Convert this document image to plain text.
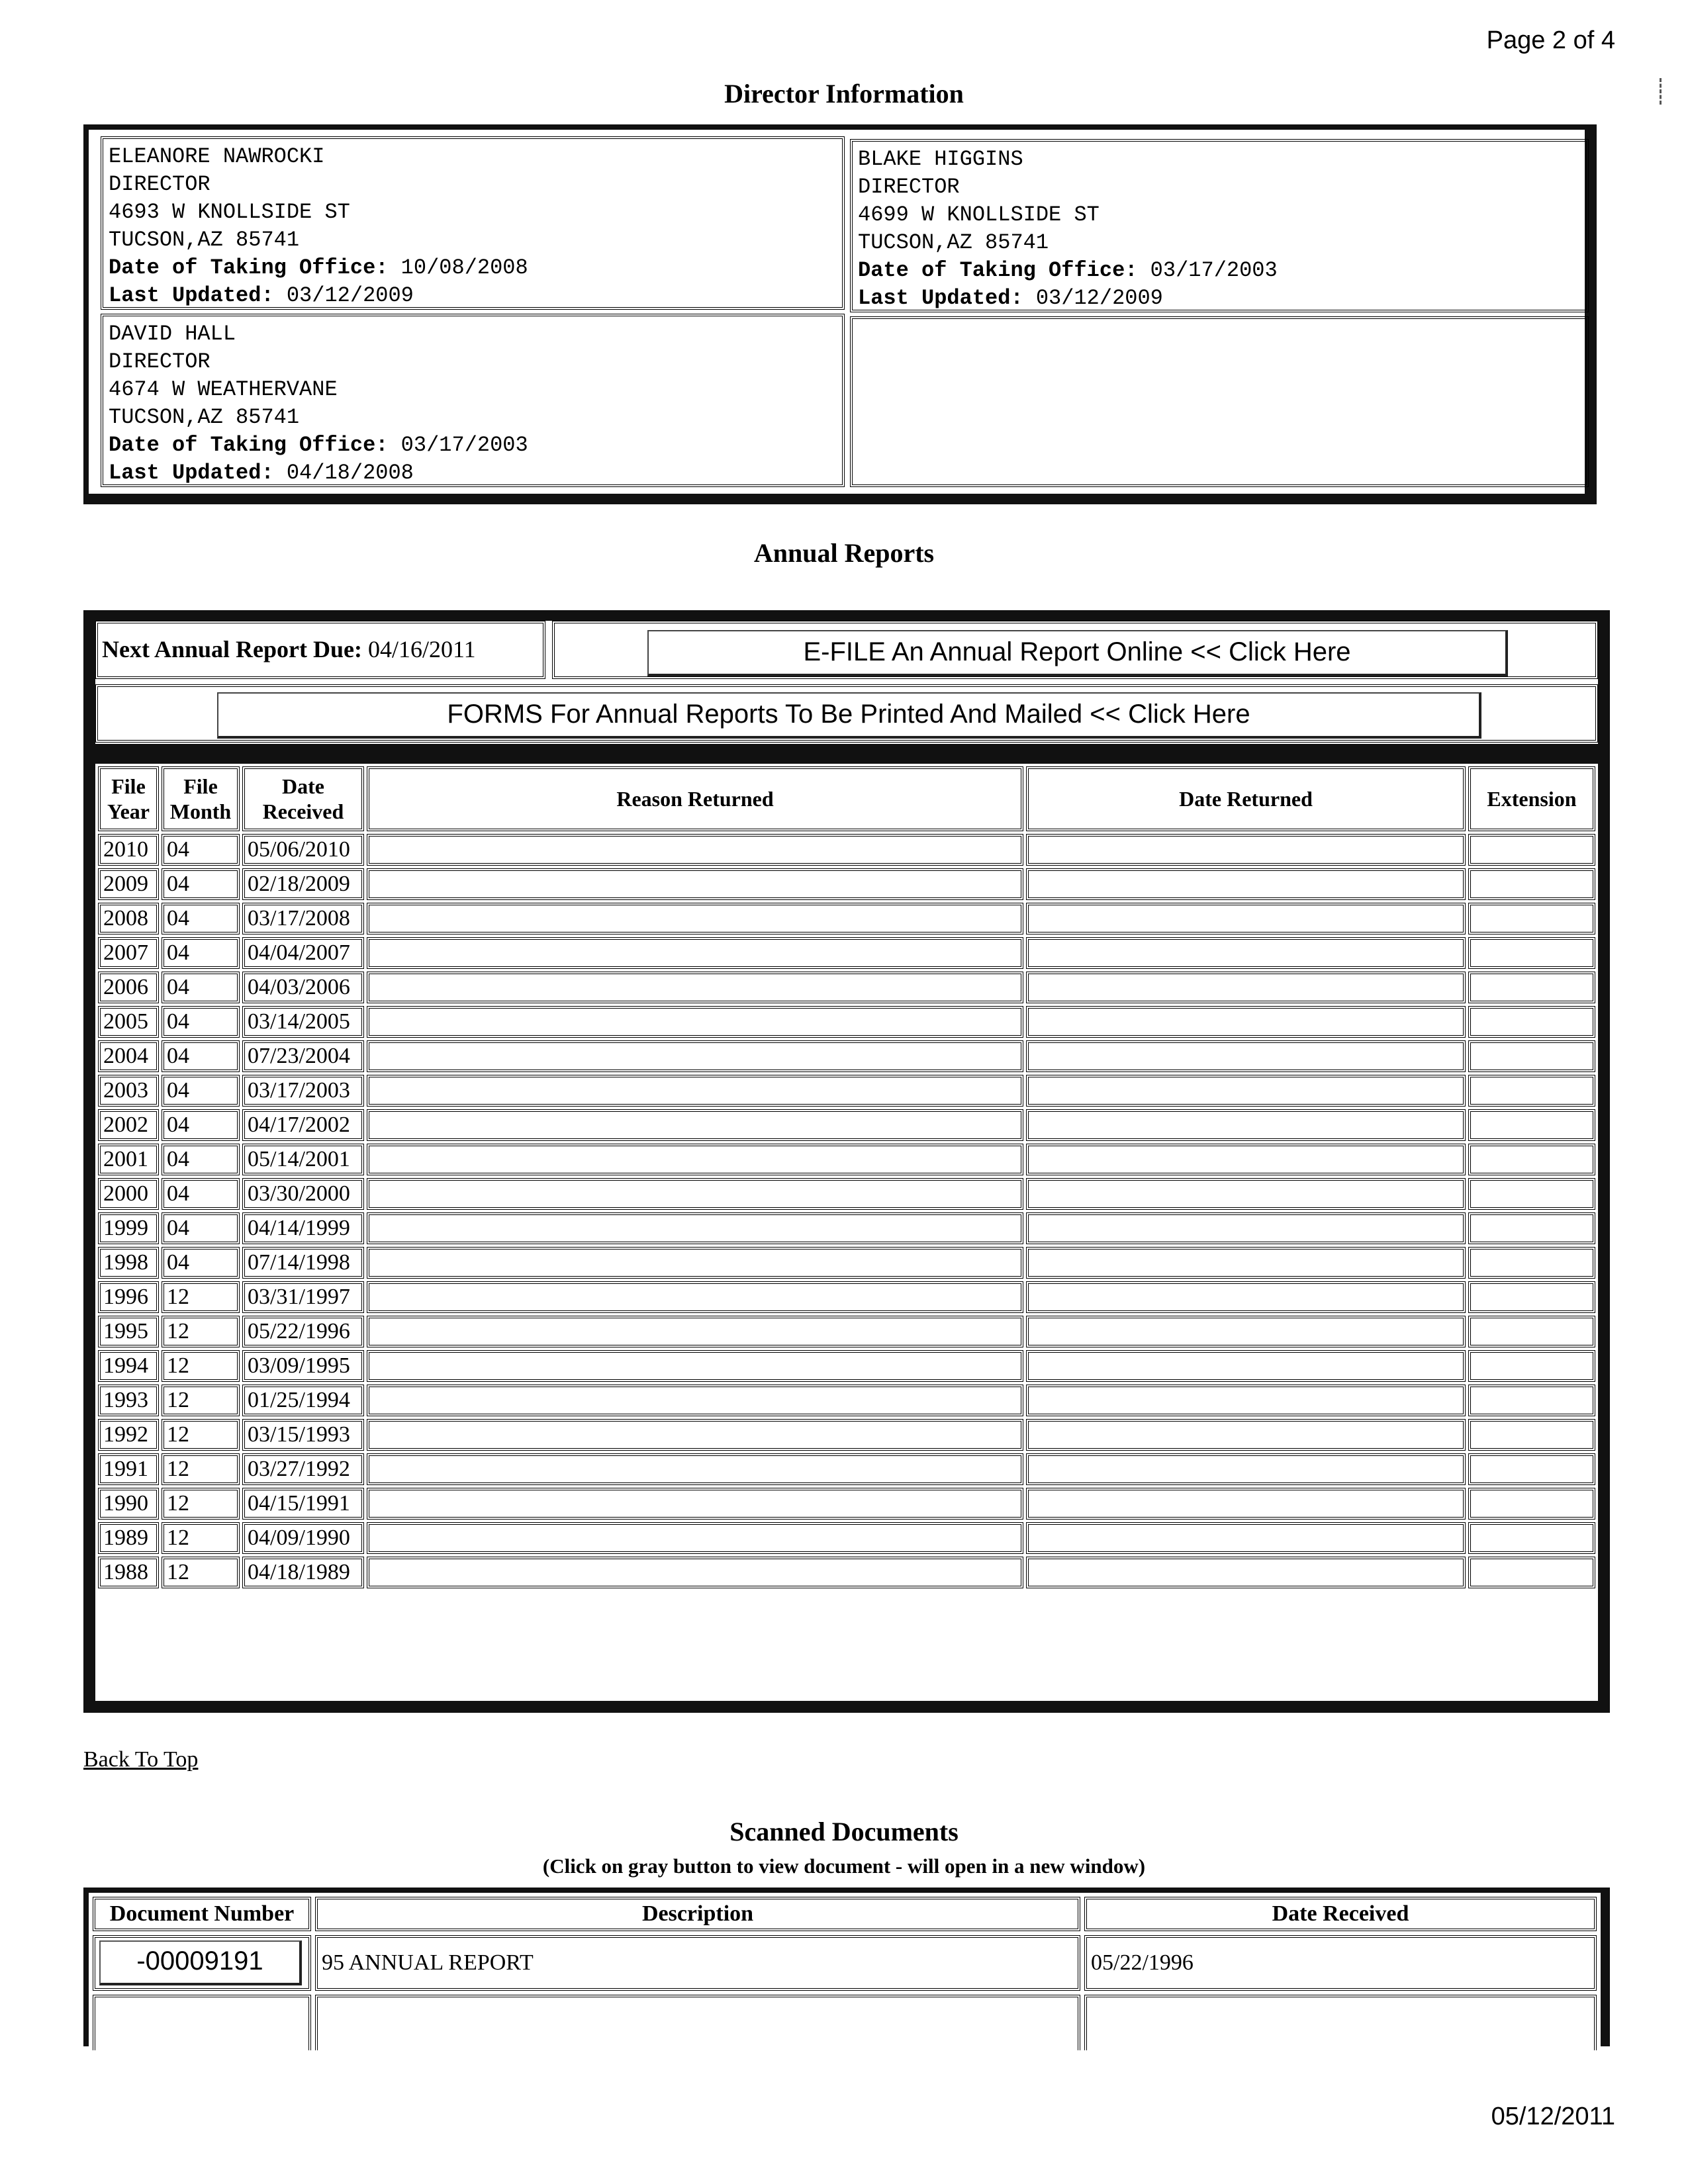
Page 2 of 4
Director Information
ELEANORE NAWROCKI
DIRECTOR
4693 W KNOLLSIDE ST
TUCSON,AZ 85741
Date of Taking Office: 10/08/2008
Last Updated: 03/12/2009
BLAKE HIGGINS
DIRECTOR
4699 W KNOLLSIDE ST
TUCSON,AZ 85741
Date of Taking Office: 03/17/2003
Last Updated: 03/12/2009
DAVID HALL
DIRECTOR
4674 W WEATHERVANE
TUCSON,AZ 85741
Date of Taking Office: 03/17/2003
Last Updated: 04/18/2008
Annual Reports
Next Annual Report Due: 04/16/2011	E-FILE An Annual Report Online << Click Here
FORMS For Annual Reports To Be Printed And Mailed << Click Here
File Year	File Month	Date Received	Reason Returned	Date Returned	Extension
2010	04	05/06/2010			
2009	04	02/18/2009			
2008	04	03/17/2008			
2007	04	04/04/2007			
2006	04	04/03/2006			
2005	04	03/14/2005			
2004	04	07/23/2004			
2003	04	03/17/2003			
2002	04	04/17/2002			
2001	04	05/14/2001			
2000	04	03/30/2000			
1999	04	04/14/1999			
1998	04	07/14/1998			
1996	12	03/31/1997			
1995	12	05/22/1996			
1994	12	03/09/1995			
1993	12	01/25/1994			
1992	12	03/15/1993			
1991	12	03/27/1992			
1990	12	04/15/1991			
1989	12	04/09/1990			
1988	12	04/18/1989			
Back To Top
Scanned Documents
(Click on gray button to view document - will open in a new window)
Document Number	Description	Date Received
-00009191	95 ANNUAL REPORT	05/22/1996

05/12/2011
